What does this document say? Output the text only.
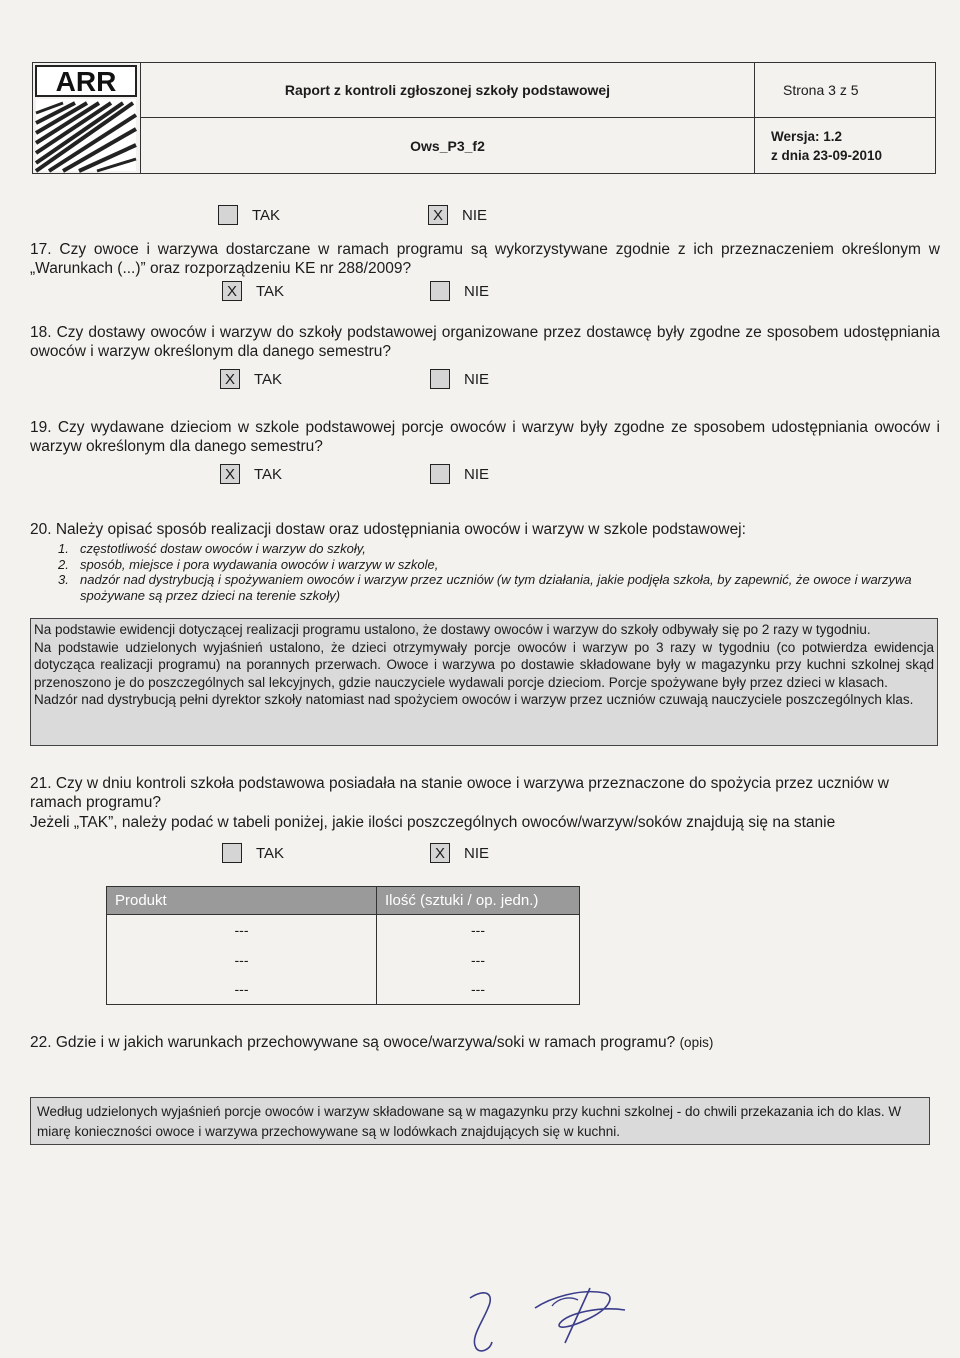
ARR	Raport z kontroli zgłoszonej szkoły podstawowej
Ows_P3_f2
Strona 3 z 5
Wersja: 1.2
z dnia 23-09-2010
TAK	X	NIE
17. Czy owoce i warzywa dostarczane w ramach programu są wykorzystywane zgodnie z ich przeznaczeniem określonym w „Warunkach (...)” oraz rozporządzeniu KE nr 288/2009?
X	TAK	NIE
18. Czy dostawy owoców i warzyw do szkoły podstawowej organizowane przez dostawcę były zgodne ze sposobem udostępniania owoców i warzyw określonym dla danego semestru?
X	TAK	NIE
19. Czy wydawane dzieciom w szkole podstawowej porcje owoców i warzyw były zgodne ze sposobem udostępniania owoców i warzyw określonym dla danego semestru?
X	TAK	NIE
20. Należy opisać sposób realizacji dostaw oraz udostępniania owoców i warzyw w szkole podstawowej:
1. częstotliwość dostaw owoców i warzyw do szkoły,
2. sposób, miejsce i pora wydawania owoców i warzyw w szkole,
3. nadzór nad dystrybucją i spożywaniem owoców i warzyw przez uczniów (w tym działania, jakie podjęła szkoła, by zapewnić, że owoce i warzywa spożywane są przez dzieci na terenie szkoły)
Na podstawie ewidencji dotyczącej realizacji programu ustalono, że dostawy owoców i warzyw do szkoły odbywały się po 2 razy w tygodniu.
Na podstawie udzielonych wyjaśnień ustalono, że dzieci otrzymywały porcje owoców i warzyw po 3 razy w tygodniu (co potwierdza ewidencja dotycząca realizacji programu) na porannych przerwach. Owoce i warzywa po dostawie składowane były w magazynku przy kuchni szkolnej skąd przenoszono je do poszczególnych sal lekcyjnych, gdzie nauczyciele wydawali porcje dzieciom. Porcje spożywane były przez dzieci w klasach.
Nadzór nad dystrybucją pełni dyrektor szkoły natomiast nad spożyciem owoców i warzyw przez uczniów czuwają nauczyciele poszczególnych klas.
21. Czy w dniu kontroli szkoła podstawowa posiadała na stanie owoce i warzywa przeznaczone do spożycia przez uczniów w ramach programu?
Jeżeli „TAK”, należy podać w tabeli poniżej, jakie ilości poszczególnych owoców/warzyw/soków znajdują się na stanie
TAK	X	NIE
Produkt	Ilość (sztuki / op. jedn.)
---	---
---	---
---	---
22. Gdzie i w jakich warunkach przechowywane są owoce/warzywa/soki w ramach programu? (opis)
Według udzielonych wyjaśnień porcje owoców i warzyw składowane są w magazynku przy kuchni szkolnej - do chwili przekazania ich do klas. W miarę konieczności owoce i warzywa przechowywane są w lodówkach znajdujących się w kuchni.
